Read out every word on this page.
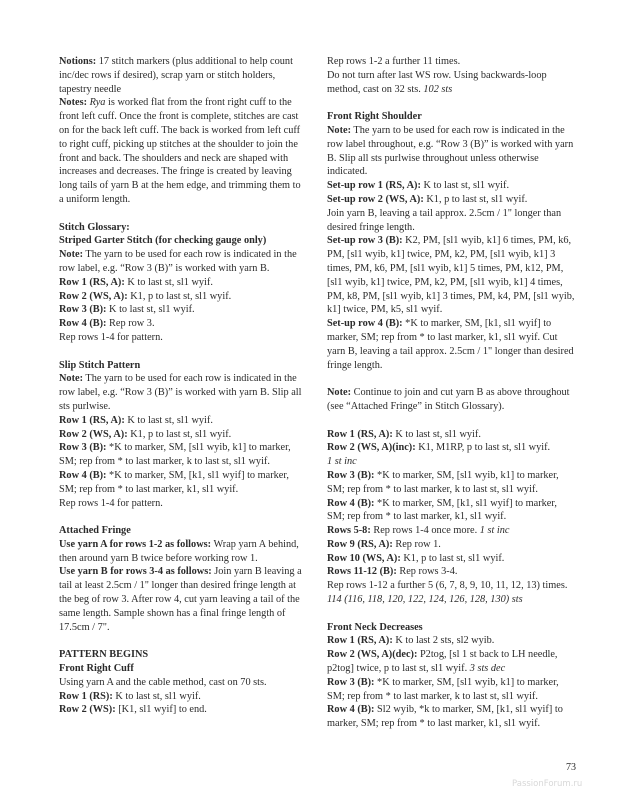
Notions: 17 stitch markers (plus additional to help count inc/dec rows if desired), scrap yarn or stitch holders, tapestry needle

Notes: Rya is worked flat from the front right cuff to the front left cuff. Once the front is complete, stitches are cast on for the back left cuff. The back is worked from left cuff to right cuff, picking up stitches at the shoulder to join the front and back. The shoulders and neck are shaped with increases and decreases. The fringe is created by leaving long tails of yarn B at the hem edge, and trimming them to a uniform length.

Stitch Glossary:

Striped Garter Stitch (for checking gauge only)

Note: The yarn to be used for each row is indicated in the row label, e.g. “Row 3 (B)” is worked with yarn B.

Row 1 (RS, A): K to last st, sl1 wyif.

Row 2 (WS, A): K1, p to last st, sl1 wyif.

Row 3 (B): K to last st, sl1 wyif.

Row 4 (B): Rep row 3.

Rep rows 1-4 for pattern.

Slip Stitch Pattern

Note: The yarn to be used for each row is indicated in the row label, e.g. “Row 3 (B)” is worked with yarn B. Slip all sts purlwise.

Row 1 (RS, A): K to last st, sl1 wyif.

Row 2 (WS, A): K1, p to last st, sl1 wyif.

Row 3 (B): *K to marker, SM, [sl1 wyib, k1] to marker, SM; rep from * to last marker, k to last st, sl1 wyif.

Row 4 (B): *K to marker, SM, [k1, sl1 wyif] to marker, SM; rep from * to last marker, k1, sl1 wyif.

Rep rows 1-4 for pattern.

Attached Fringe

Use yarn A for rows 1-2 as follows: Wrap yarn A behind, then around yarn B twice before working row 1.

Use yarn B for rows 3-4 as follows: Join yarn B leaving a tail at least 2.5cm / 1" longer than desired fringe length at the beg of row 3. After row 4, cut yarn leaving a tail of the same length. Sample shown has a final fringe length of 17.5cm / 7".

PATTERN BEGINS

Front Right Cuff

Using yarn A and the cable method, cast on 70 sts.

Row 1 (RS): K to last st, sl1 wyif.

Row 2 (WS): [K1, sl1 wyif] to end.

Rep rows 1-2 a further 11 times.

Do not turn after last WS row. Using backwards-loop method, cast on 32 sts. 102 sts

Front Right Shoulder

Note: The yarn to be used for each row is indicated in the row label throughout, e.g. “Row 3 (B)” is worked with yarn B. Slip all sts purlwise throughout unless otherwise indicated.

Set-up row 1 (RS, A): K to last st, sl1 wyif.

Set-up row 2 (WS, A): K1, p to last st, sl1 wyif.

Join yarn B, leaving a tail approx. 2.5cm / 1" longer than desired fringe length.

Set-up row 3 (B): K2, PM, [sl1 wyib, k1] 6 times, PM, k6, PM, [sl1 wyib, k1] twice, PM, k2, PM, [sl1 wyib, k1] 3 times, PM, k6, PM, [sl1 wyib, k1] 5 times, PM, k12, PM, [sl1 wyib, k1] twice, PM, k2, PM, [sl1 wyib, k1] 4 times, PM, k8, PM, [sl1 wyib, k1] 3 times, PM, k4, PM, [sl1 wyib, k1] twice, PM, k5, sl1 wyif.

Set-up row 4 (B): *K to marker, SM, [k1, sl1 wyif] to marker, SM; rep from * to last marker, k1, sl1 wyif. Cut yarn B, leaving a tail approx. 2.5cm / 1" longer than desired fringe length.

Note: Continue to join and cut yarn B as above throughout (see “Attached Fringe” in Stitch Glossary).

Row 1 (RS, A): K to last st, sl1 wyif.

Row 2 (WS, A)(inc): K1, M1RP, p to last st, sl1 wyif.
1 st inc

Row 3 (B): *K to marker, SM, [sl1 wyib, k1] to marker, SM; rep from * to last marker, k to last st, sl1 wyif.

Row 4 (B): *K to marker, SM, [k1, sl1 wyif] to marker, SM; rep from * to last marker, k1, sl1 wyif.

Rows 5-8: Rep rows 1-4 once more. 1 st inc

Row 9 (RS, A): Rep row 1.

Row 10 (WS, A): K1, p to last st, sl1 wyif.

Rows 11-12 (B): Rep rows 3-4.

Rep rows 1-12 a further 5 (6, 7, 8, 9, 10, 11, 12, 13) times. 114 (116, 118, 120, 122, 124, 126, 128, 130) sts

Front Neck Decreases

Row 1 (RS, A): K to last 2 sts, sl2 wyib.

Row 2 (WS, A)(dec): P2tog, [sl 1 st back to LH needle, p2tog] twice, p to last st, sl1 wyif. 3 sts dec

Row 3 (B): *K to marker, SM, [sl1 wyib, k1] to marker, SM; rep from * to last marker, k to last st, sl1 wyif.

Row 4 (B): Sl2 wyib, *k to marker, SM, [k1, sl1 wyif] to marker, SM; rep from * to last marker, k1, sl1 wyif.

73
PassionForum.ru
